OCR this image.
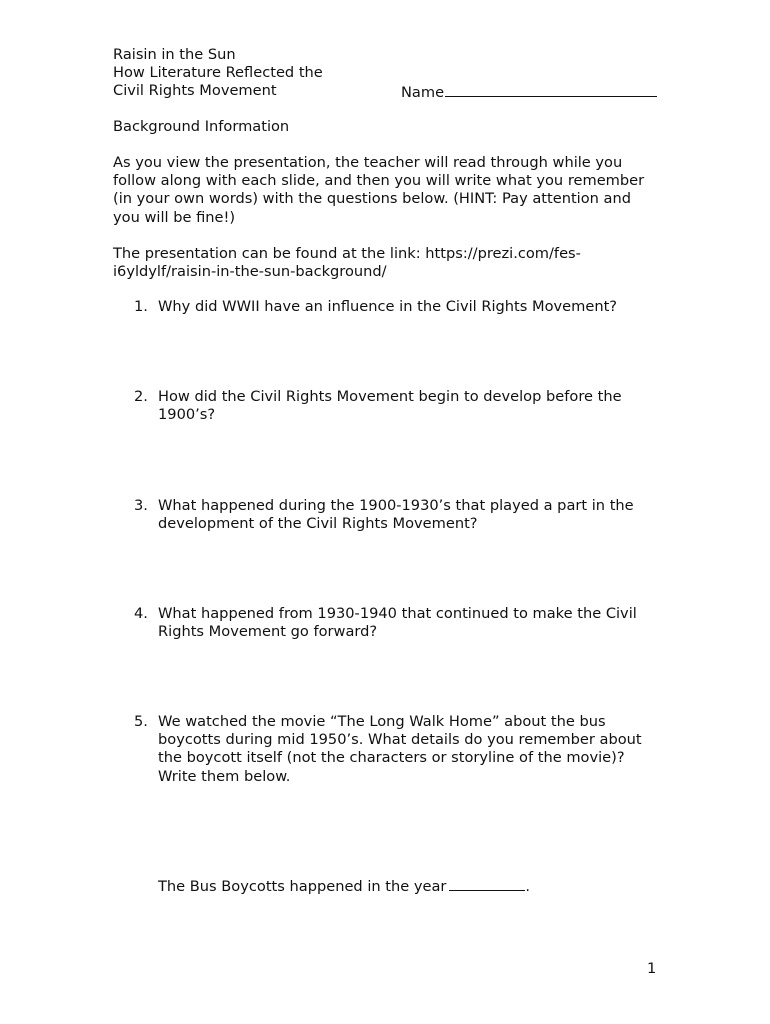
Raisin in the Sun
How Literature Reflected the
Civil Rights Movement	Name
Background Information
As you view the presentation, the teacher will read through while you follow along with each slide, and then you will write what you remember (in your own words) with the questions below. (HINT: Pay attention and you will be fine!)
The presentation can be found at the link: https://prezi.com/fes-i6yldylf/raisin-in-the-sun-background/
1. Why did WWII have an influence in the Civil Rights Movement?
2. How did the Civil Rights Movement begin to develop before the 1900’s?
3. What happened during the 1900-1930’s that played a part in the development of the Civil Rights Movement?
4. What happened from 1930-1940 that continued to make the Civil Rights Movement go forward?
5. We watched the movie “The Long Walk Home” about the bus boycotts during mid 1950’s. What details do you remember about the boycott itself (not the characters or storyline of the movie)? Write them below.
The Bus Boycotts happened in the year	.
1
